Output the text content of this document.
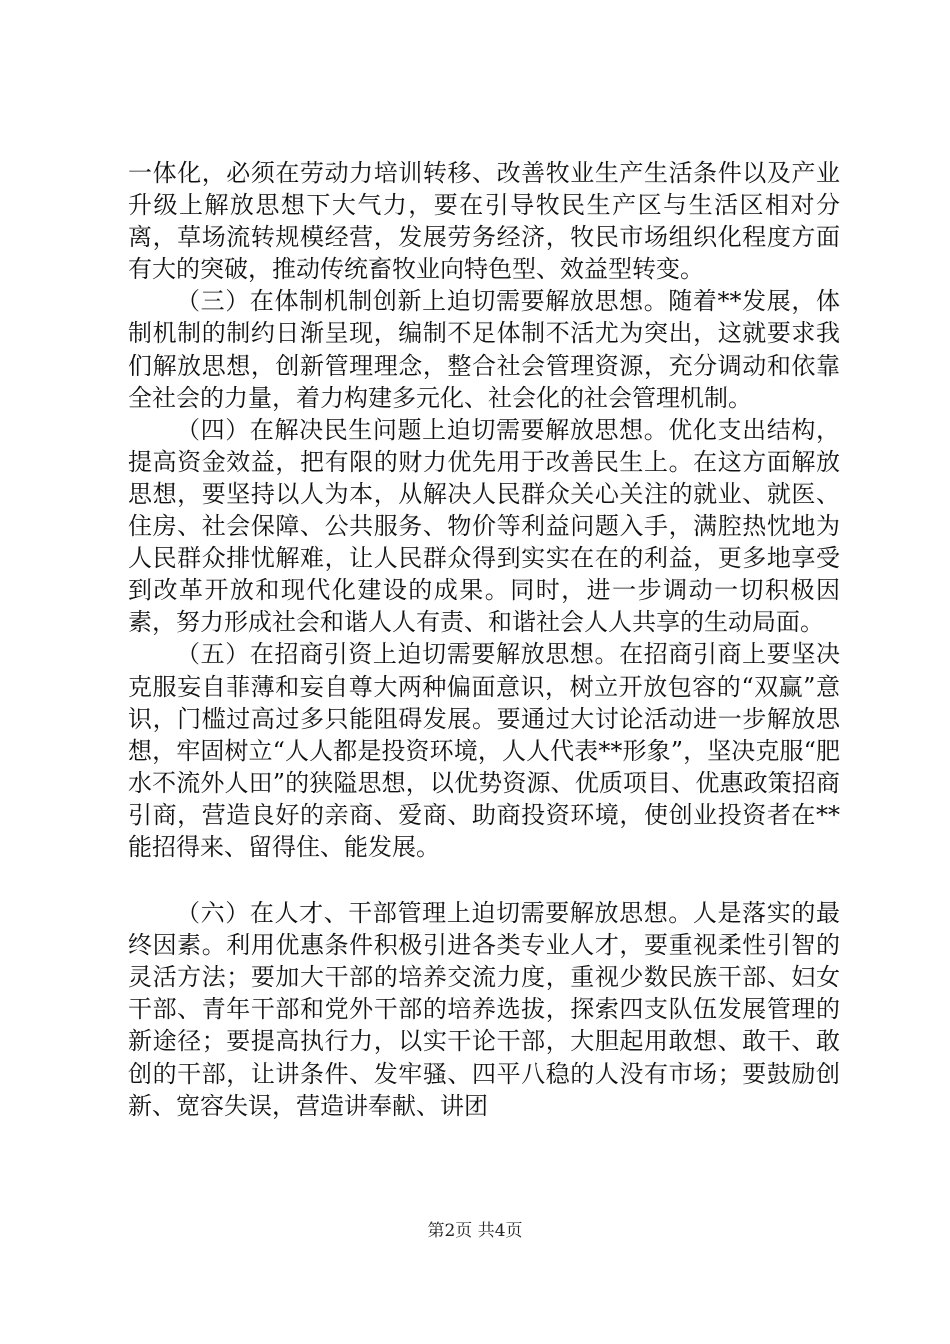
一体化，必须在劳动力培训转移、改善牧业生产生活条件以及产业升级上解放思想下大气力，要在引导牧民生产区与生活区相对分离，草场流转规模经营，发展劳务经济，牧民市场组织化程度方面有大的突破，推动传统畜牧业向特色型、效益型转变。

（三）在体制机制创新上迫切需要解放思想。随着**发展，体制机制的制约日渐呈现，编制不足体制不活尤为突出，这就要求我们解放思想，创新管理理念，整合社会管理资源，充分调动和依靠全社会的力量，着力构建多元化、社会化的社会管理机制。

（四）在解决民生问题上迫切需要解放思想。优化支出结构，提高资金效益，把有限的财力优先用于改善民生上。在这方面解放思想，要坚持以人为本，从解决人民群众关心关注的就业、就医、住房、社会保障、公共服务、物价等利益问题入手，满腔热忱地为人民群众排忧解难，让人民群众得到实实在在的利益，更多地享受到改革开放和现代化建设的成果。同时，进一步调动一切积极因素，努力形成社会和谐人人有责、和谐社会人人共享的生动局面。

（五）在招商引资上迫切需要解放思想。在招商引商上要坚决克服妄自菲薄和妄自尊大两种偏面意识，树立开放包容的“双赢”意识，门槛过高过多只能阻碍发展。要通过大讨论活动进一步解放思想，牢固树立“人人都是投资环境，人人代表**形象”，坚决克服“肥水不流外人田”的狭隘思想，以优势资源、优质项目、优惠政策招商引商，营造良好的亲商、爱商、助商投资环境，使创业投资者在**能招得来、留得住、能发展。

（六）在人才、干部管理上迫切需要解放思想。人是落实的最终因素。利用优惠条件积极引进各类专业人才，要重视柔性引智的灵活方法；要加大干部的培养交流力度，重视少数民族干部、妇女干部、青年干部和党外干部的培养选拔，探索四支队伍发展管理的新途径；要提高执行力，以实干论干部，大胆起用敢想、敢干、敢创的干部，让讲条件、发牢骚、四平八稳的人没有市场；要鼓励创新、宽容失误，营造讲奉献、讲团

第2页 共4页
